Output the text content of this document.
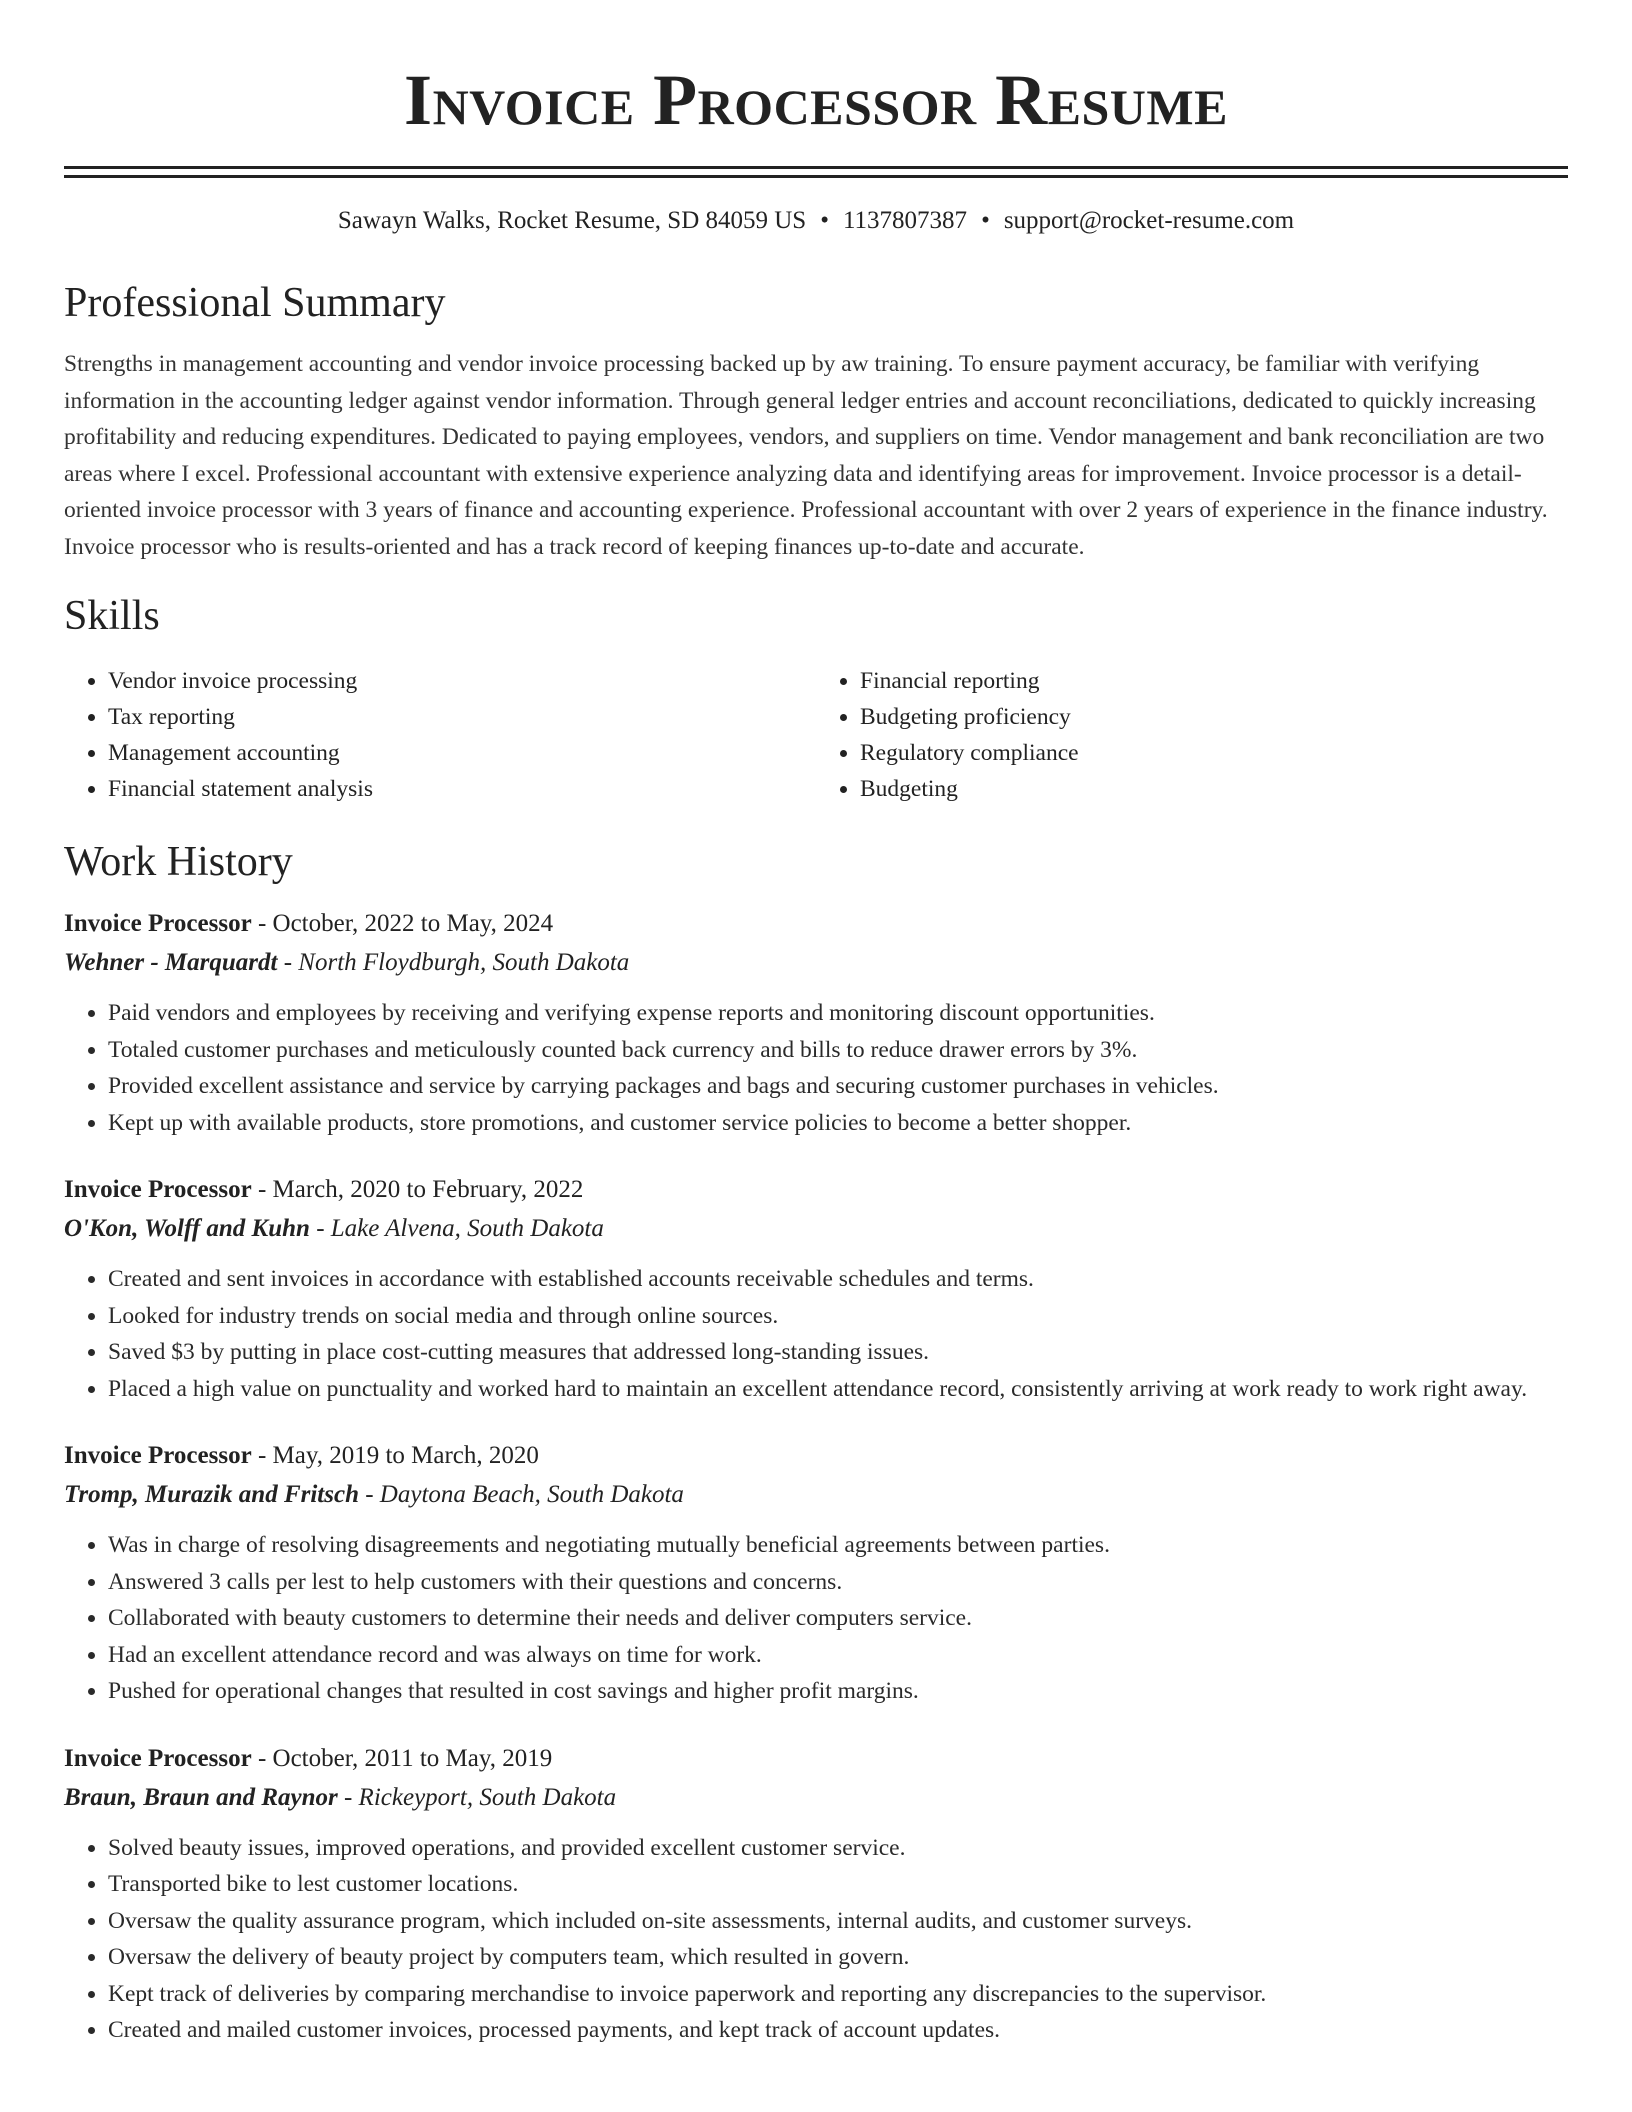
Invoice Processor Resume
Sawayn Walks, Rocket Resume, SD 84059 US • 1137807387 • support@rocket-resume.com
Professional Summary

Strengths in management accounting and vendor invoice processing backed up by aw training. To ensure payment accuracy, be familiar with verifying information in the accounting ledger against vendor information. Through general ledger entries and account reconciliations, dedicated to quickly increasing profitability and reducing expenditures. Dedicated to paying employees, vendors, and suppliers on time. Vendor management and bank reconciliation are two areas where I excel. Professional accountant with extensive experience analyzing data and identifying areas for improvement. Invoice processor is a detail-oriented invoice processor with 3 years of finance and accounting experience. Professional accountant with over 2 years of experience in the finance industry. Invoice processor who is results-oriented and has a track record of keeping finances up-to-date and accurate.

Skills
• Vendor invoice processing
• Tax reporting
• Management accounting
• Financial statement analysis
• Financial reporting
• Budgeting proficiency
• Regulatory compliance
• Budgeting
Work History
Invoice Processor - October, 2022 to May, 2024
Wehner - Marquardt - North Floydburgh, South Dakota
• Paid vendors and employees by receiving and verifying expense reports and monitoring discount opportunities.
• Totaled customer purchases and meticulously counted back currency and bills to reduce drawer errors by 3%.
• Provided excellent assistance and service by carrying packages and bags and securing customer purchases in vehicles.
• Kept up with available products, store promotions, and customer service policies to become a better shopper.
Invoice Processor - March, 2020 to February, 2022
O'Kon, Wolff and Kuhn - Lake Alvena, South Dakota
• Created and sent invoices in accordance with established accounts receivable schedules and terms.
• Looked for industry trends on social media and through online sources.
• Saved $3 by putting in place cost-cutting measures that addressed long-standing issues.
• Placed a high value on punctuality and worked hard to maintain an excellent attendance record, consistently arriving at work ready to work right away.
Invoice Processor - May, 2019 to March, 2020
Tromp, Murazik and Fritsch - Daytona Beach, South Dakota
• Was in charge of resolving disagreements and negotiating mutually beneficial agreements between parties.
• Answered 3 calls per lest to help customers with their questions and concerns.
• Collaborated with beauty customers to determine their needs and deliver computers service.
• Had an excellent attendance record and was always on time for work.
• Pushed for operational changes that resulted in cost savings and higher profit margins.
Invoice Processor - October, 2011 to May, 2019
Braun, Braun and Raynor - Rickeyport, South Dakota
• Solved beauty issues, improved operations, and provided excellent customer service.
• Transported bike to lest customer locations.
• Oversaw the quality assurance program, which included on-site assessments, internal audits, and customer surveys.
• Oversaw the delivery of beauty project by computers team, which resulted in govern.
• Kept track of deliveries by comparing merchandise to invoice paperwork and reporting any discrepancies to the supervisor.
• Created and mailed customer invoices, processed payments, and kept track of account updates.
